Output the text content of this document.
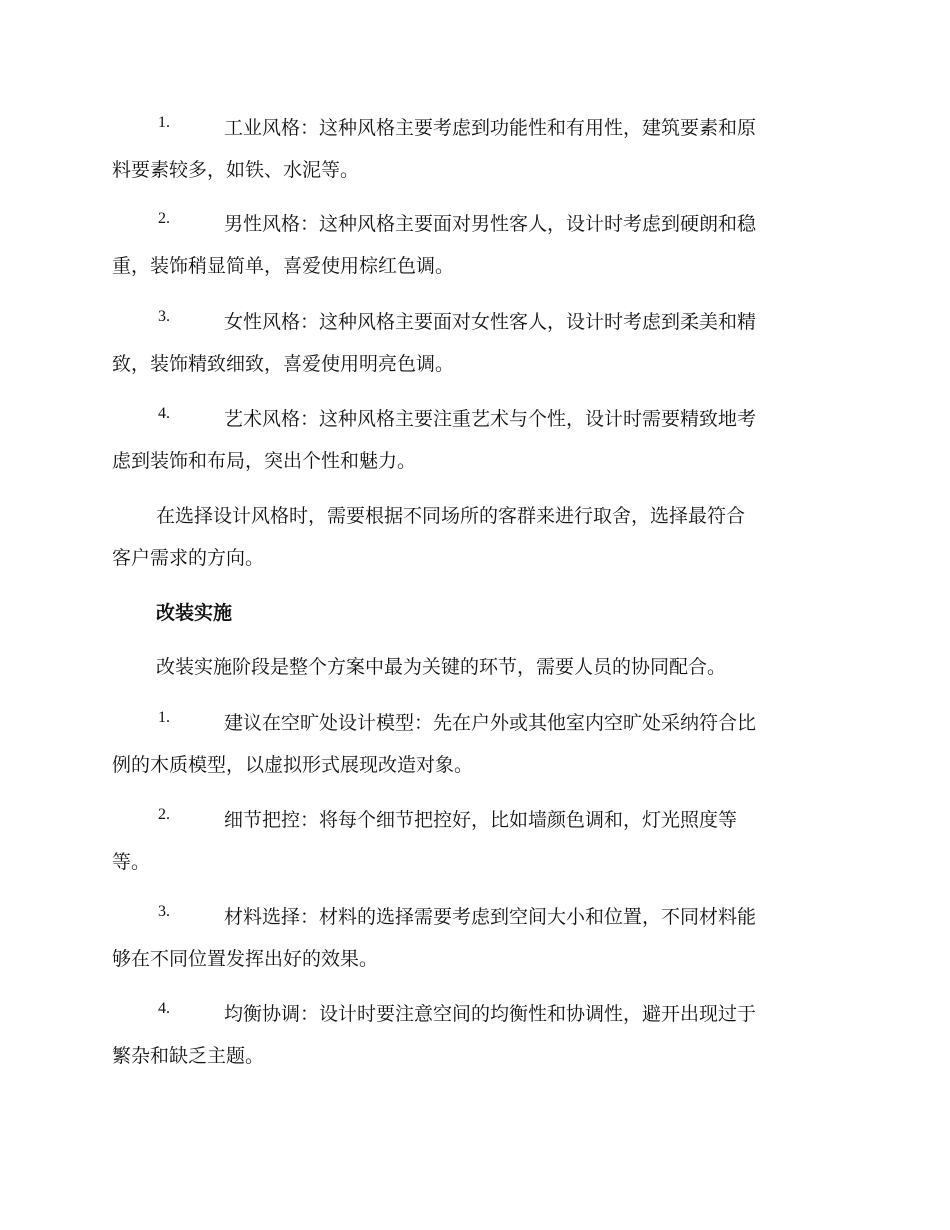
1.	工业风格：这种风格主要考虑到功能性和有用性，建筑要素和原
料要素较多，如铁、水泥等。
2.	男性风格：这种风格主要面对男性客人，设计时考虑到硬朗和稳
重，装饰稍显简单，喜爱使用棕红色调。
3.	女性风格：这种风格主要面对女性客人，设计时考虑到柔美和精
致，装饰精致细致，喜爱使用明亮色调。
4.	艺术风格：这种风格主要注重艺术与个性，设计时需要精致地考
虑到装饰和布局，突出个性和魅力。
在选择设计风格时，需要根据不同场所的客群来进行取舍，选择最符合
客户需求的方向。
改装实施
改装实施阶段是整个方案中最为关键的环节，需要人员的协同配合。
1.	建议在空旷处设计模型：先在户外或其他室内空旷处采纳符合比
例的木质模型，以虚拟形式展现改造对象。
2.	细节把控：将每个细节把控好，比如墙颜色调和，灯光照度等
等。
3.	材料选择：材料的选择需要考虑到空间大小和位置，不同材料能
够在不同位置发挥出好的效果。
4.	均衡协调：设计时要注意空间的均衡性和协调性，避开出现过于
繁杂和缺乏主题。
